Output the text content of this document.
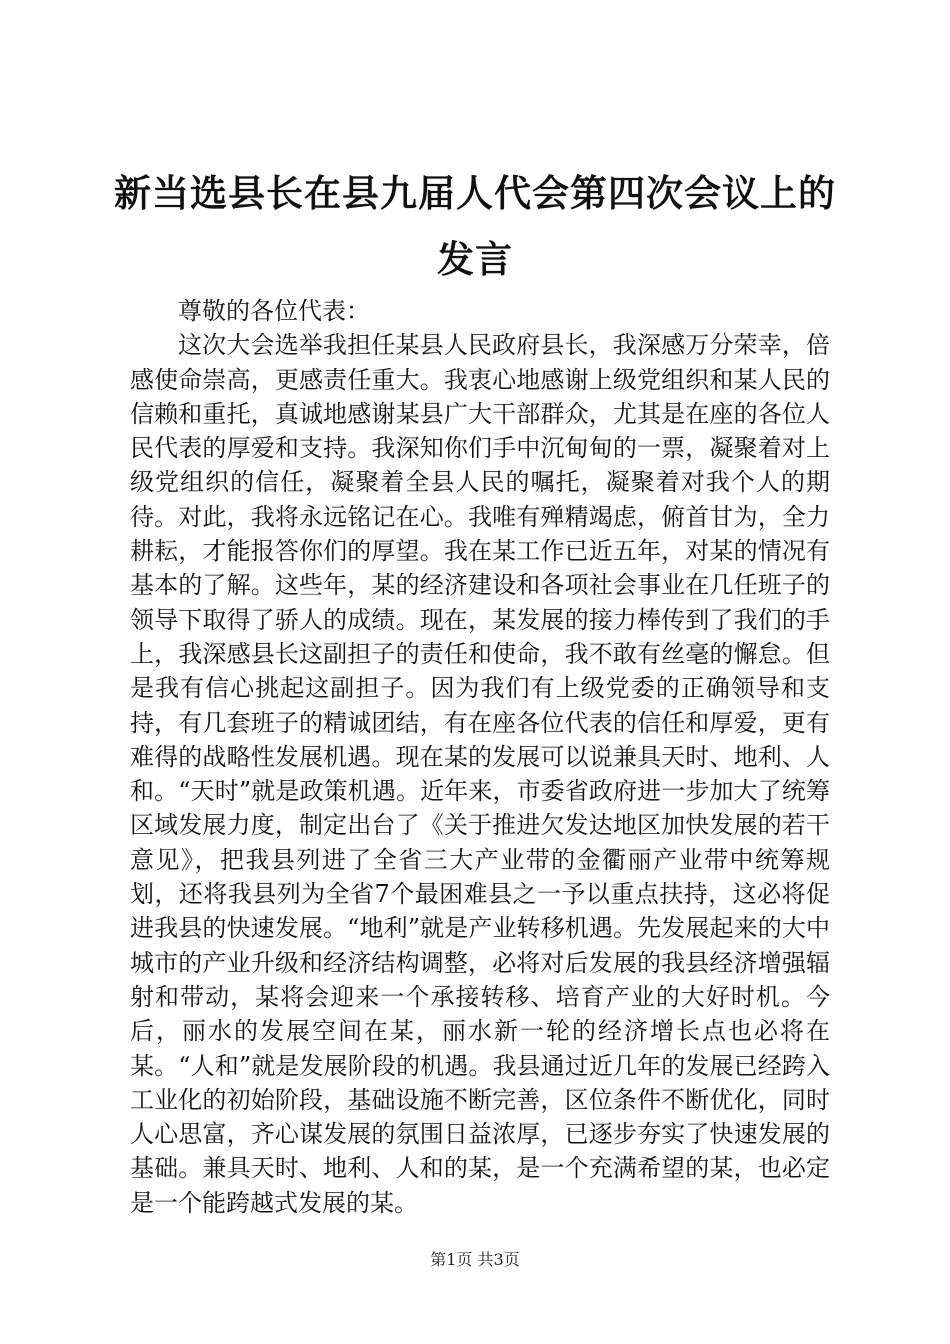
新当选县长在县九届人代会第四次会议上的发言

尊敬的各位代表：

这次大会选举我担任某县人民政府县长，我深感万分荣幸，倍感使命崇高，更感责任重大。我衷心地感谢上级党组织和某人民的信赖和重托，真诚地感谢某县广大干部群众，尤其是在座的各位人民代表的厚爱和支持。我深知你们手中沉甸甸的一票，凝聚着对上级党组织的信任，凝聚着全县人民的嘱托，凝聚着对我个人的期待。对此，我将永远铭记在心。我唯有殚精竭虑，俯首甘为，全力耕耘，才能报答你们的厚望。我在某工作已近五年，对某的情况有基本的了解。这些年，某的经济建设和各项社会事业在几任班子的领导下取得了骄人的成绩。现在，某发展的接力棒传到了我们的手上，我深感县长这副担子的责任和使命，我不敢有丝毫的懈怠。但是我有信心挑起这副担子。因为我们有上级党委的正确领导和支持，有几套班子的精诚团结，有在座各位代表的信任和厚爱，更有难得的战略性发展机遇。现在某的发展可以说兼具天时、地利、人和。“天时”就是政策机遇。近年来，市委省政府进一步加大了统筹区域发展力度，制定出台了《关于推进欠发达地区加快发展的若干意见》，把我县列进了全省三大产业带的金衢丽产业带中统筹规划，还将我县列为全省7个最困难县之一予以重点扶持，这必将促进我县的快速发展。“地利”就是产业转移机遇。先发展起来的大中城市的产业升级和经济结构调整，必将对后发展的我县经济增强辐射和带动，某将会迎来一个承接转移、培育产业的大好时机。今后，丽水的发展空间在某，丽水新一轮的经济增长点也必将在某。“人和”就是发展阶段的机遇。我县通过近几年的发展已经跨入工业化的初始阶段，基础设施不断完善，区位条件不断优化，同时人心思富，齐心谋发展的氛围日益浓厚，已逐步夯实了快速发展的基础。兼具天时、地利、人和的某，是一个充满希望的某，也必定是一个能跨越式发展的某。

第1页 共3页
